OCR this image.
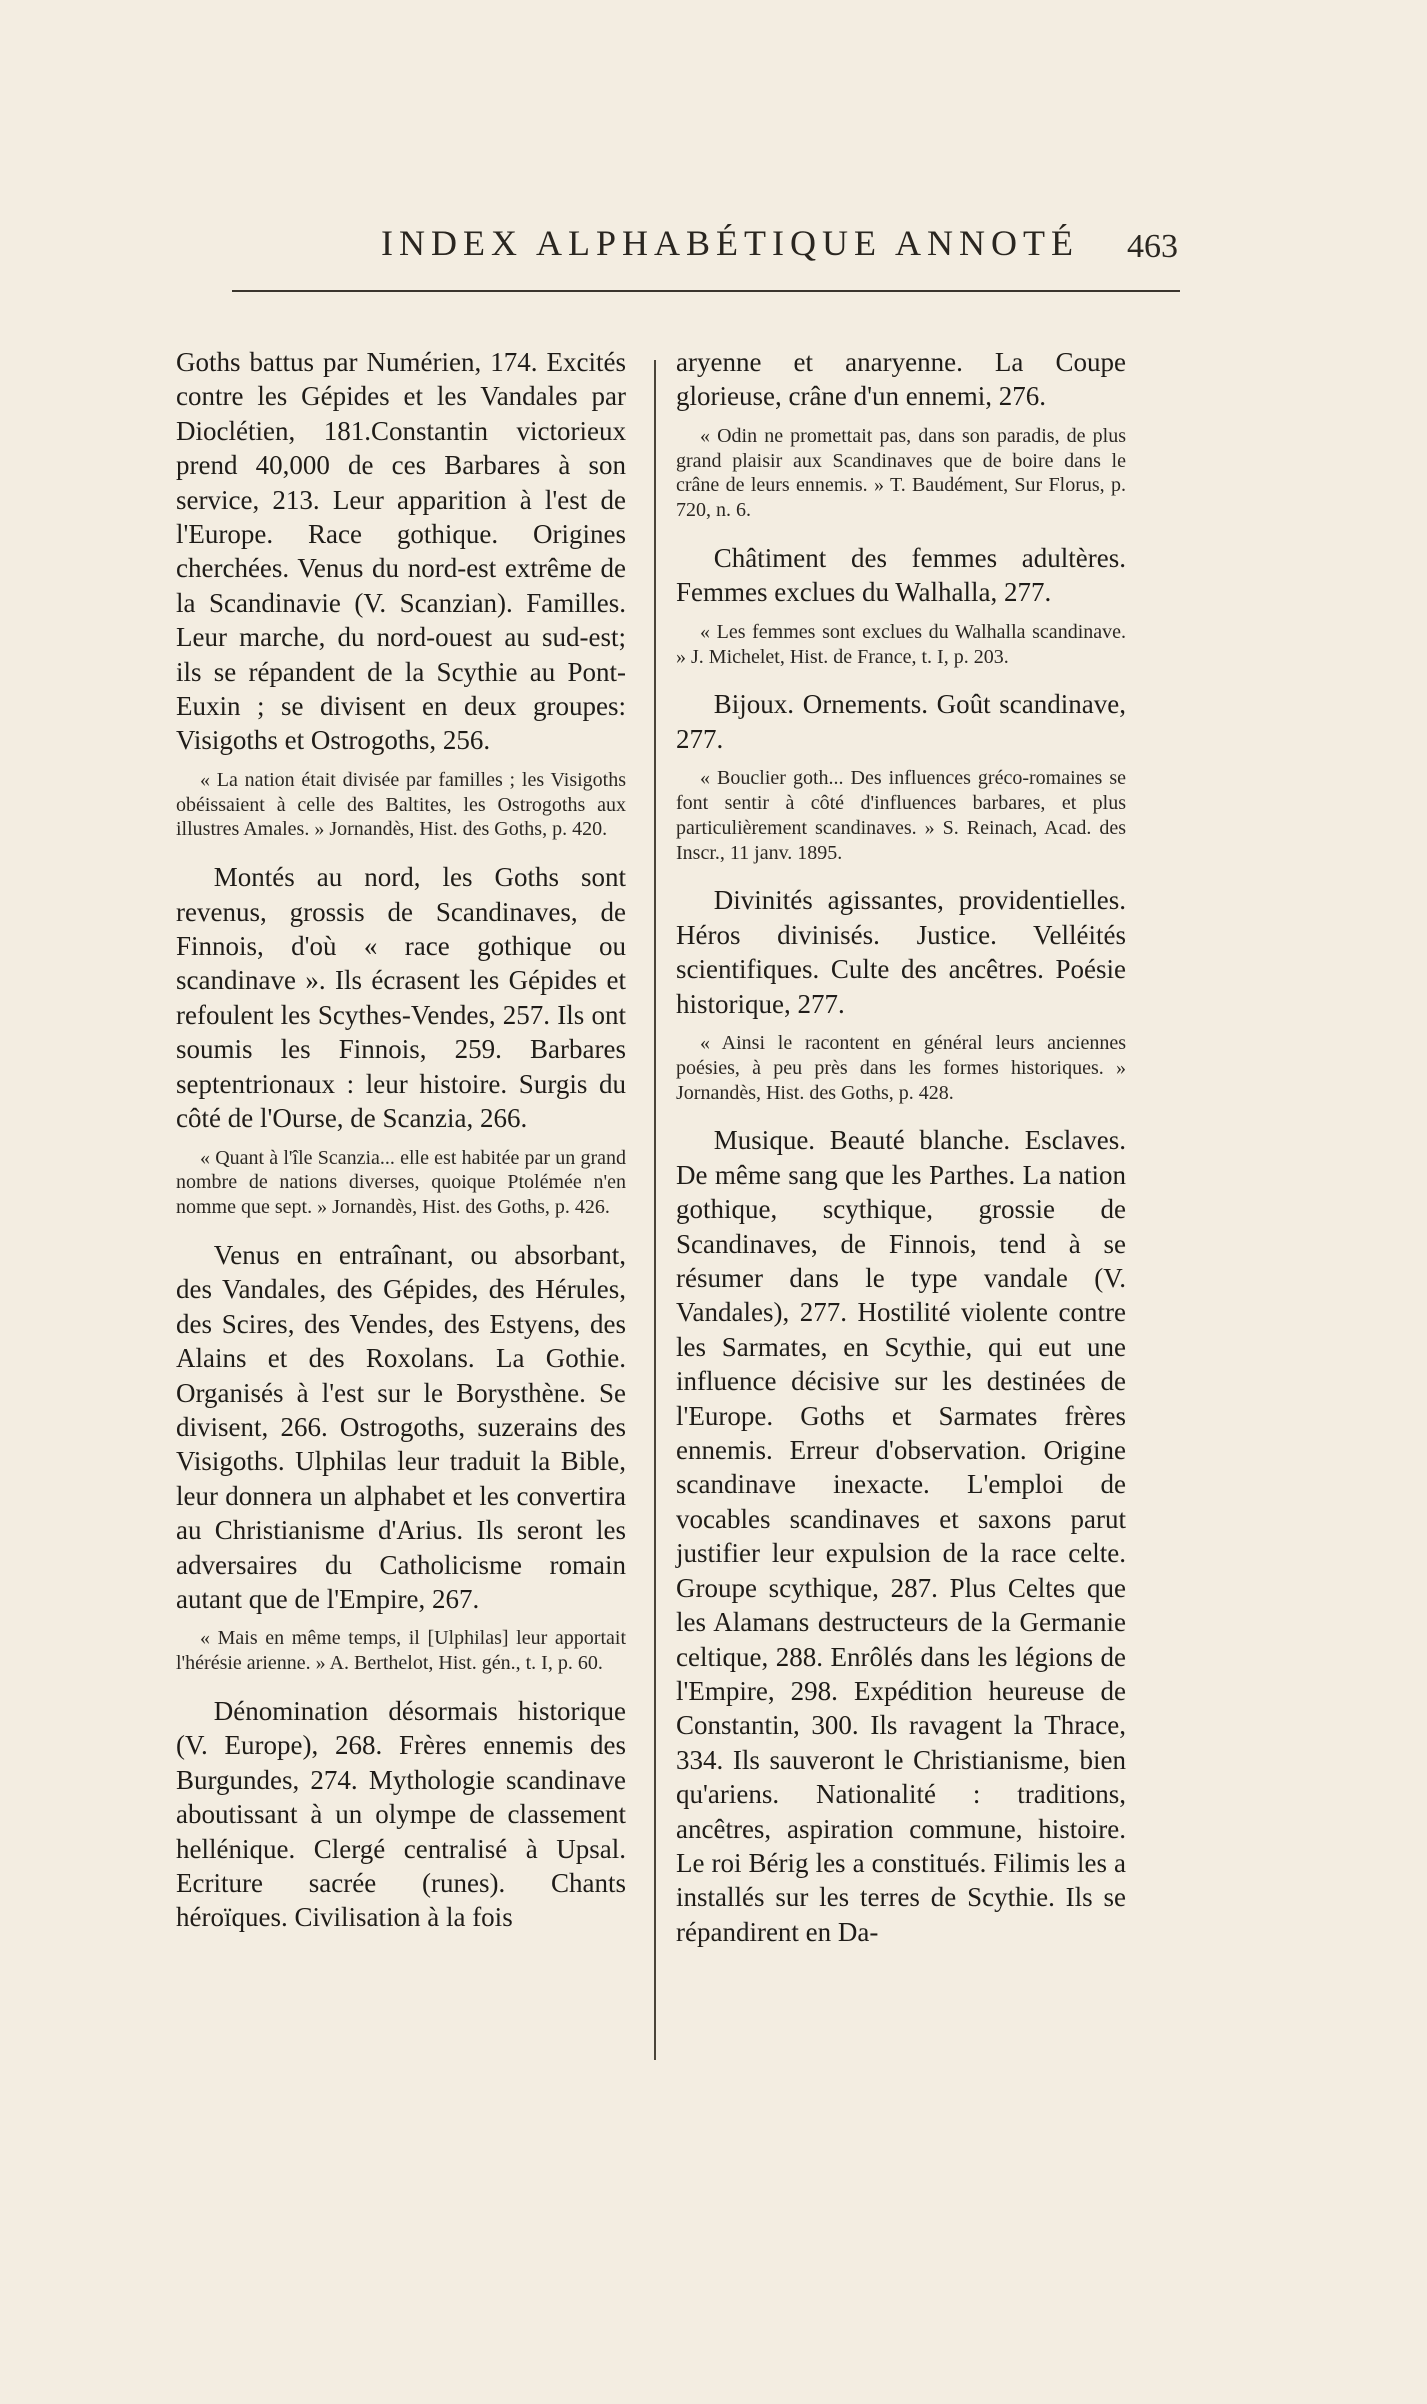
INDEX ALPHABÉTIQUE ANNOTÉ	463

Goths battus par Numérien, 174. Excités contre les Gépides et les Vandales par Dioclétien, 181.Constantin victorieux prend 40,000 de ces Barbares à son service, 213. Leur apparition à l'est de l'Europe. Race gothique. Origines cherchées. Venus du nord-est extrême de la Scandinavie (V. Scanzian). Familles. Leur marche, du nord-ouest au sud-est; ils se répandent de la Scythie au Pont-Euxin ; se divisent en deux groupes: Visigoths et Ostrogoths, 256.

« La nation était divisée par familles ; les Visigoths obéissaient à celle des Baltites, les Ostrogoths aux illustres Amales. » Jornandès, Hist. des Goths, p. 420.

Montés au nord, les Goths sont revenus, grossis de Scandinaves, de Finnois, d'où « race gothique ou scandinave ». Ils écrasent les Gépides et refoulent les Scythes-Vendes, 257. Ils ont soumis les Finnois, 259. Barbares septentrionaux : leur histoire. Surgis du côté de l'Ourse, de Scanzia, 266.

« Quant à l'île Scanzia... elle est habitée par un grand nombre de nations diverses, quoique Ptolémée n'en nomme que sept. » Jornandès, Hist. des Goths, p. 426.

Venus en entraînant, ou absorbant, des Vandales, des Gépides, des Hérules, des Scires, des Vendes, des Estyens, des Alains et des Roxolans. La Gothie. Organisés à l'est sur le Borysthène. Se divisent, 266. Ostrogoths, suzerains des Visigoths. Ulphilas leur traduit la Bible, leur donnera un alphabet et les convertira au Christianisme d'Arius. Ils seront les adversaires du Catholicisme romain autant que de l'Empire, 267.

« Mais en même temps, il [Ulphilas] leur apportait l'hérésie arienne. » A. Berthelot, Hist. gén., t. I, p. 60.

Dénomination désormais historique (V. Europe), 268. Frères ennemis des Burgundes, 274. Mythologie scandinave aboutissant à un olympe de classement hellénique. Clergé centralisé à Upsal. Ecriture sacrée (runes). Chants héroïques. Civilisation à la fois

aryenne et anaryenne. La Coupe glorieuse, crâne d'un ennemi, 276.

« Odin ne promettait pas, dans son paradis, de plus grand plaisir aux Scandinaves que de boire dans le crâne de leurs ennemis. » T. Baudément, Sur Florus, p. 720, n. 6.

Châtiment des femmes adultères. Femmes exclues du Walhalla, 277.

« Les femmes sont exclues du Walhalla scandinave. » J. Michelet, Hist. de France, t. I, p. 203.

Bijoux. Ornements. Goût scandinave, 277.

« Bouclier goth... Des influences gréco-romaines se font sentir à côté d'influences barbares, et plus particulièrement scandinaves. » S. Reinach, Acad. des Inscr., 11 janv. 1895.

Divinités agissantes, providentielles. Héros divinisés. Justice. Velléités scientifiques. Culte des ancêtres. Poésie historique, 277.

« Ainsi le racontent en général leurs anciennes poésies, à peu près dans les formes historiques. » Jornandès, Hist. des Goths, p. 428.

Musique. Beauté blanche. Esclaves. De même sang que les Parthes. La nation gothique, scythique, grossie de Scandinaves, de Finnois, tend à se résumer dans le type vandale (V. Vandales), 277. Hostilité violente contre les Sarmates, en Scythie, qui eut une influence décisive sur les destinées de l'Europe. Goths et Sarmates frères ennemis. Erreur d'observation. Origine scandinave inexacte. L'emploi de vocables scandinaves et saxons parut justifier leur expulsion de la race celte. Groupe scythique, 287. Plus Celtes que les Alamans destructeurs de la Germanie celtique, 288. Enrôlés dans les légions de l'Empire, 298. Expédition heureuse de Constantin, 300. Ils ravagent la Thrace, 334. Ils sauveront le Christianisme, bien qu'ariens. Nationalité : traditions, ancêtres, aspiration commune, histoire. Le roi Bérig les a constitués. Filimis les a installés sur les terres de Scythie. Ils se répandirent en Da-
